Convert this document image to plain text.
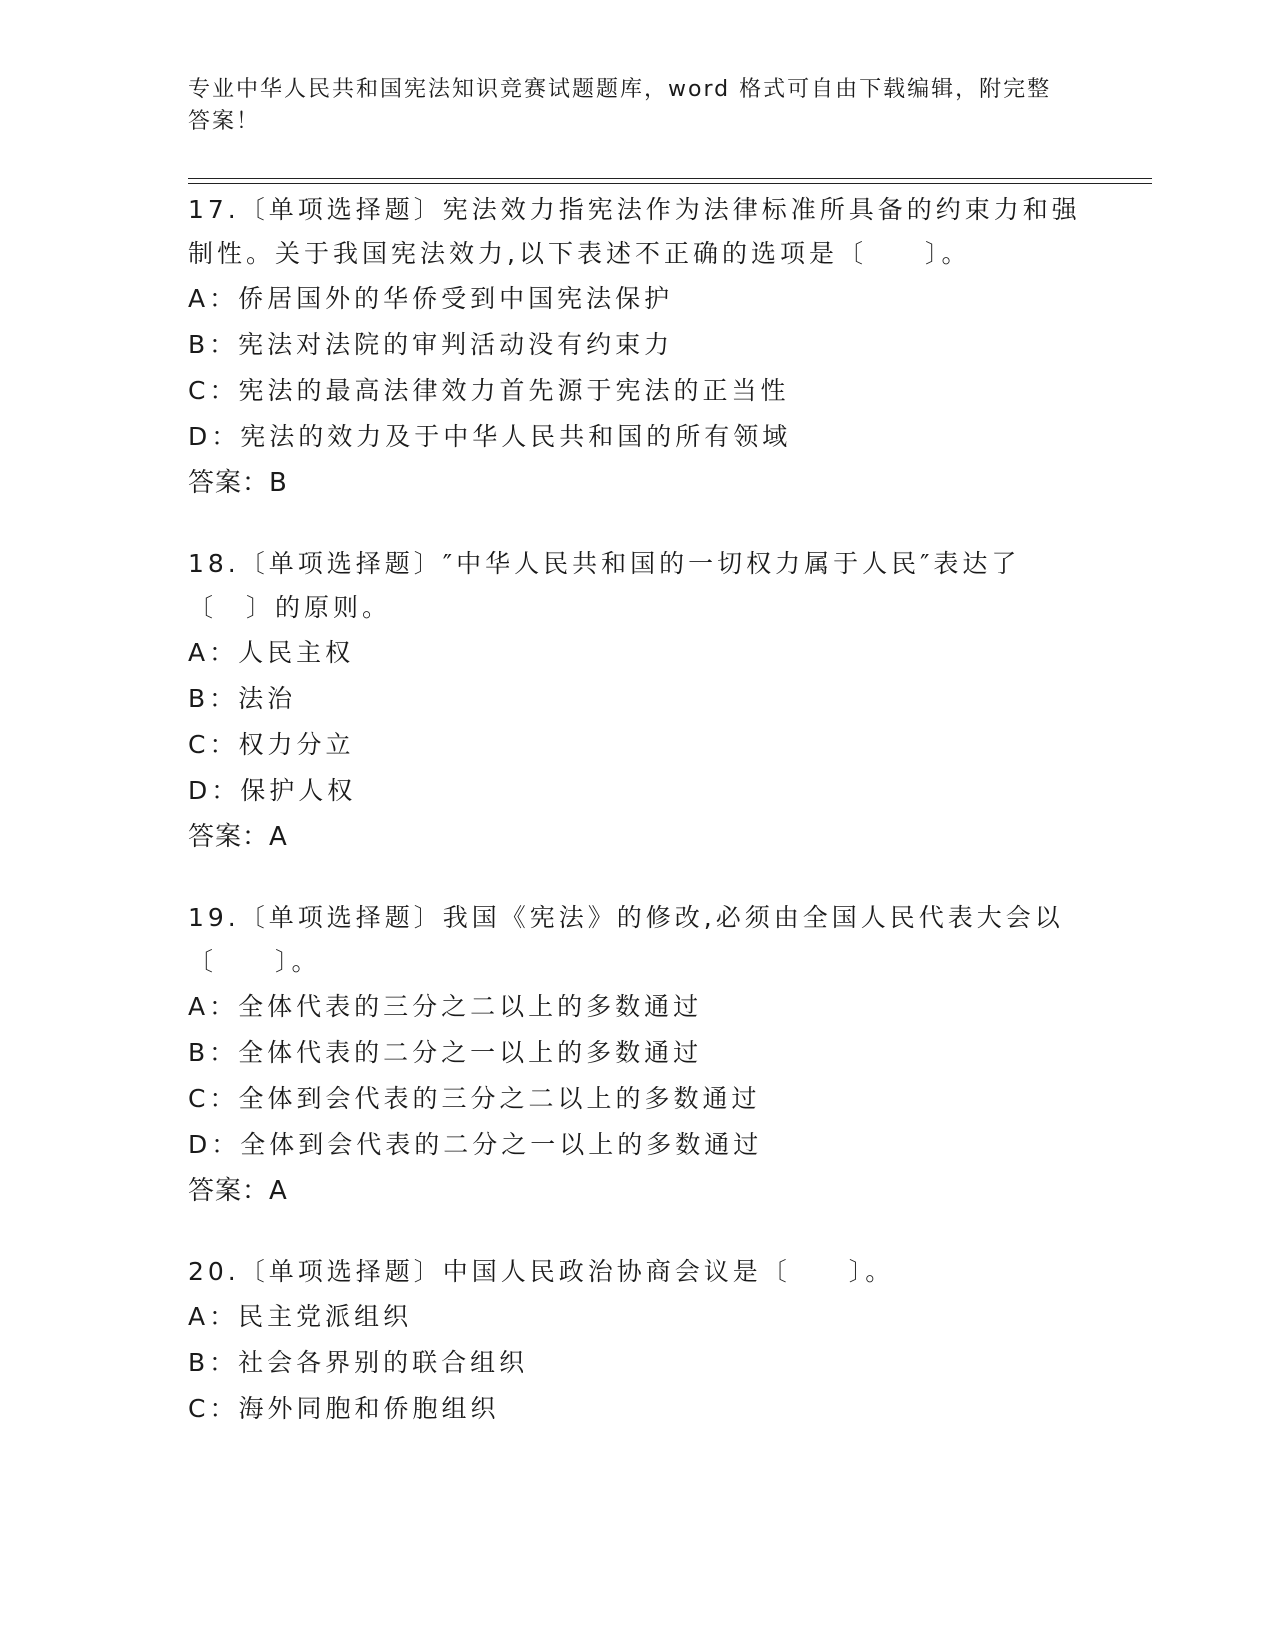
专业中华人民共和国宪法知识竞赛试题题库，word 格式可自由下载编辑，附完整答案！

17.〔单项选择题〕宪法效力指宪法作为法律标准所具备的约束力和强制性。关于我国宪法效力,以下表述不正确的选项是〔　　〕。

A：侨居国外的华侨受到中国宪法保护

B：宪法对法院的审判活动没有约束力

C：宪法的最高法律效力首先源于宪法的正当性

D：宪法的效力及于中华人民共和国的所有领域

答案：B

18.〔单项选择题〕″中华人民共和国的一切权力属于人民″表达了〔　〕的原则。

A：人民主权

B：法治

C：权力分立

D：保护人权

答案：A

19.〔单项选择题〕我国《宪法》的修改,必须由全国人民代表大会以〔　　〕。

A：全体代表的三分之二以上的多数通过

B：全体代表的二分之一以上的多数通过

C：全体到会代表的三分之二以上的多数通过

D：全体到会代表的二分之一以上的多数通过

答案：A

20.〔单项选择题〕中国人民政治协商会议是〔　　〕。

A：民主党派组织

B：社会各界别的联合组织

C：海外同胞和侨胞组织
